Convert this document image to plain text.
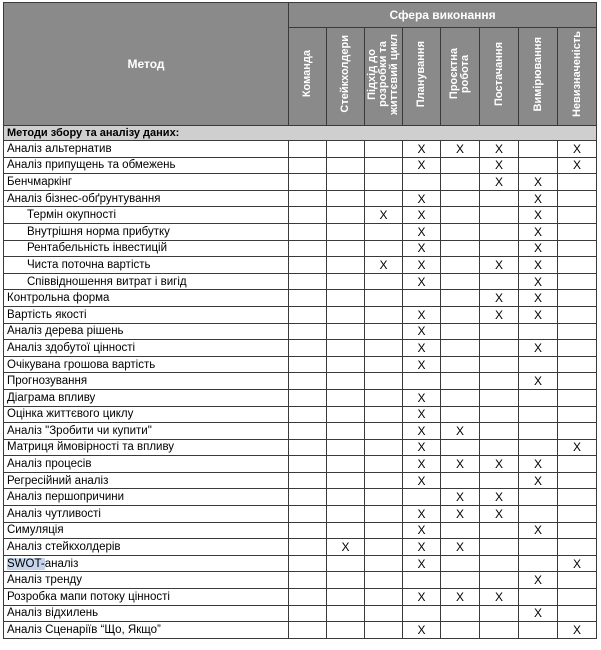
Метод	Сфера виконання							
	Команда	Стейкхолдери	Підхід до
розробки та
життєвий цикл	Планування	Проєктна
робота	Постачання	Вимірювання	Невизначеність
Методи збору та аналізу даних:								
Аналіз альтернатив				X	X	X		X
Аналіз припущень та обмежень				X		X		X
Бенчмаркінг						X	X	
Аналіз бізнес-обґрунтування				X			X	
Термін окупності			X	X			X	
Внутрішня норма прибутку				X			X	
Рентабельність інвестицій				X			X	
Чиста поточна вартість			X	X		X	X	
Співвідношення витрат і вигід				X			X	
Контрольна форма						X	X	
Вартість якості				X		X	X	
Аналіз дерева рішень				X				
Аналіз здобутої цінності				X			X	
Очікувана грошова вартість				X				
Прогнозування							X	
Діаграма впливу				X				
Оцінка життєвого циклу				X				
Аналіз "Зробити чи купити"				X	X			
Матриця ймовірності та впливу				X				X
Аналіз процесів				X	X	X	X	
Регресійний аналіз				X			X	
Аналіз першопричини					X	X		
Аналіз чутливості				X	X	X		
Симуляція				X			X	
Аналіз стейкхолдерів		X		X	X			
SWOT-аналіз				X				X
Аналіз тренду							X	
Розробка мапи потоку цінності				X	X	X		
Аналіз відхилень							X	
Аналіз Сценаріїв “Що, Якщо”				X				X
